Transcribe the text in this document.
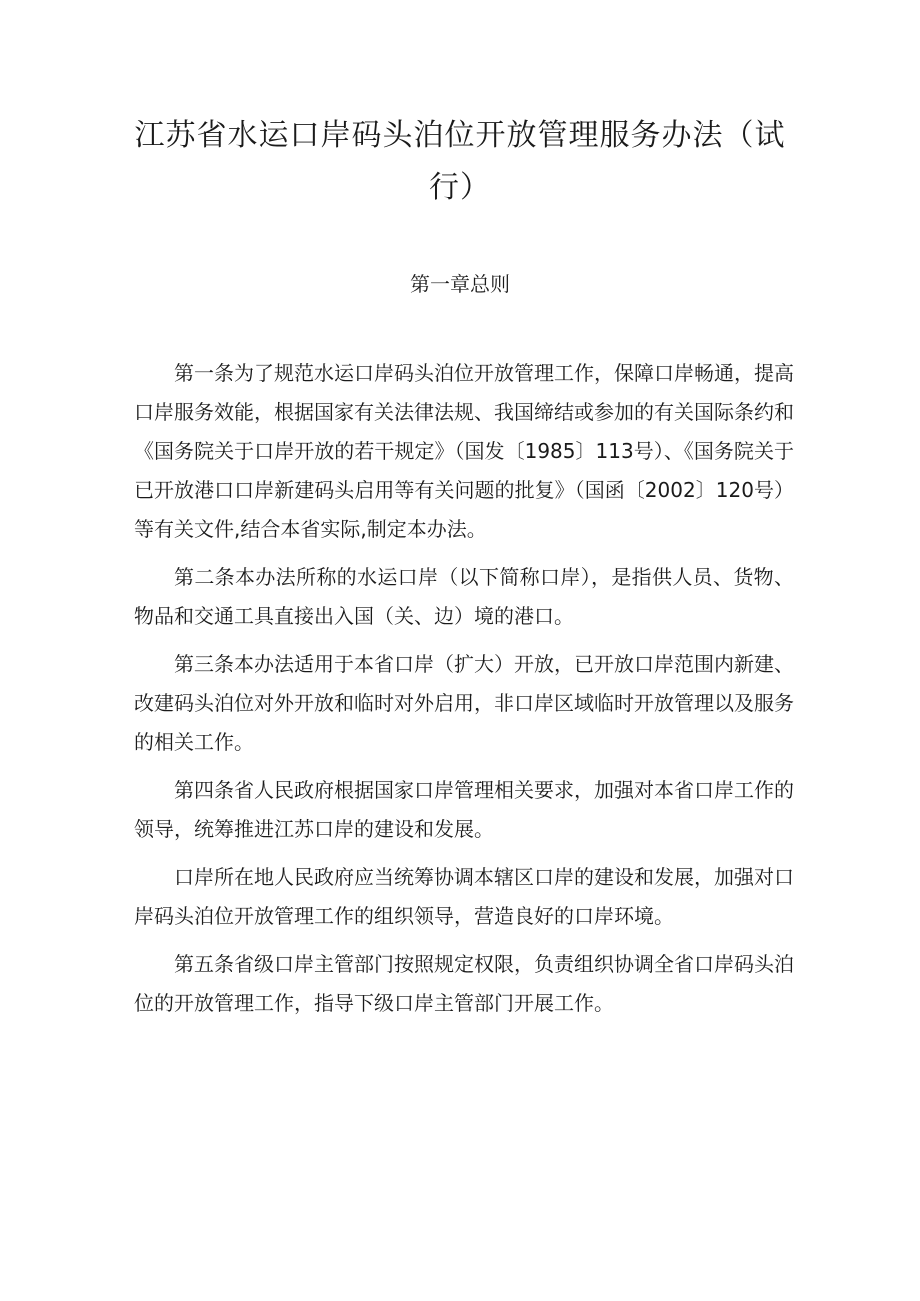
江苏省水运口岸码头泊位开放管理服务办法（试行）
第一章总则

第一条为了规范水运口岸码头泊位开放管理工作，保障口岸畅通，提高口岸服务效能，根据国家有关法律法规、我国缔结或参加的有关国际条约和《国务院关于口岸开放的若干规定》（国发〔1985〕113号）、《国务院关于已开放港口口岸新建码头启用等有关问题的批复》（国函〔2002〕120号）等有关文件,结合本省实际,制定本办法。

第二条本办法所称的水运口岸（以下简称口岸），是指供人员、货物、物品和交通工具直接出入国（关、边）境的港口。

第三条本办法适用于本省口岸（扩大）开放，已开放口岸范围内新建、改建码头泊位对外开放和临时对外启用，非口岸区域临时开放管理以及服务的相关工作。

第四条省人民政府根据国家口岸管理相关要求，加强对本省口岸工作的领导，统筹推进江苏口岸的建设和发展。

口岸所在地人民政府应当统筹协调本辖区口岸的建设和发展，加强对口岸码头泊位开放管理工作的组织领导，营造良好的口岸环境。

第五条省级口岸主管部门按照规定权限，负责组织协调全省口岸码头泊位的开放管理工作，指导下级口岸主管部门开展工作。
